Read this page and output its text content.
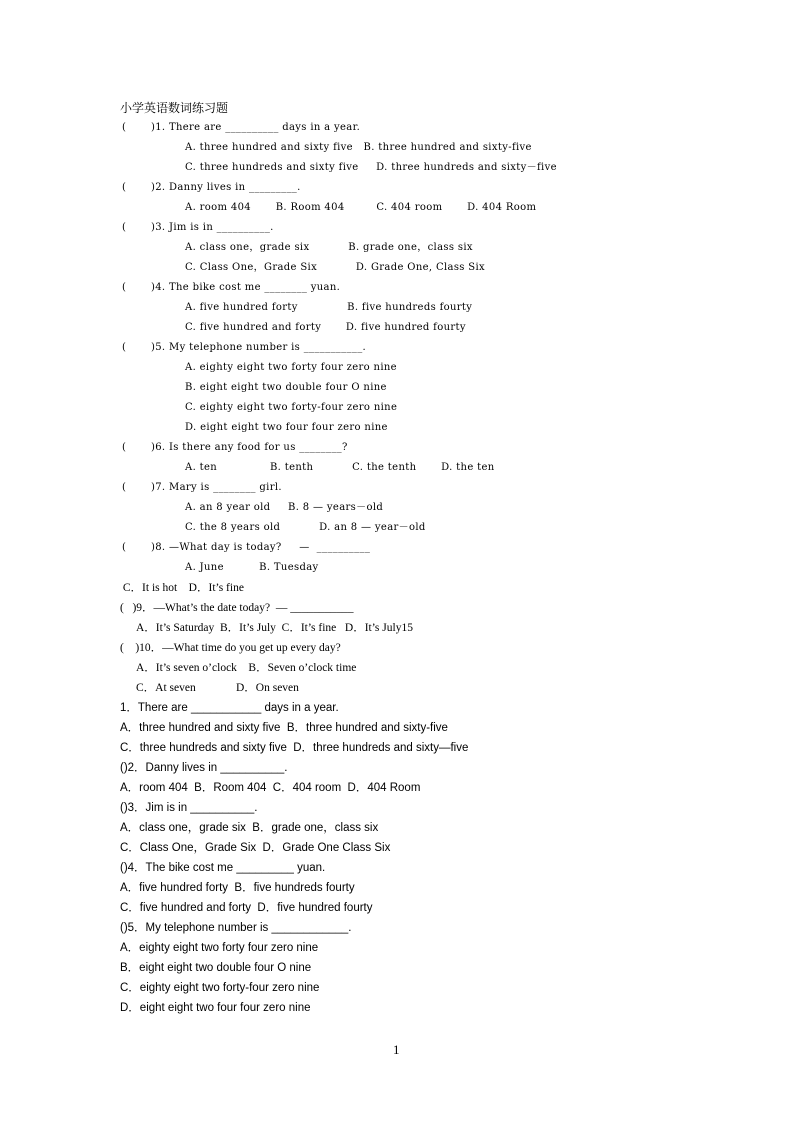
小学英语数词练习题
(       )1. There are __________ days in a year.
A. three hundred and sixty five   B. three hundred and sixty-five
C. three hundreds and sixty five     D. three hundreds and sixty－five
(       )2. Danny lives in _________.
A. room 404       B. Room 404         C. 404 room       D. 404 Room
(       )3. Jim is in __________.
A. class one，grade six           B. grade one，class six
C. Class One，Grade Six           D. Grade One, Class Six
(       )4. The bike cost me ________ yuan.
A. five hundred forty              B. five hundreds fourty
C. five hundred and forty       D. five hundred fourty
(       )5. My telephone number is ___________.
A. eighty eight two forty four zero nine
B. eight eight two double four O nine
C. eighty eight two forty-four zero nine
D. eight eight two four four zero nine
(       )6. Is there any food for us ________?
A. ten               B. tenth           C. the tenth       D. the ten
(       )7. Mary is ________ girl.
A. an 8 year old     B. 8 — years－old
C. the 8 years old           D. an 8 — year－old
(       )8. —What day is today?     —  __________
A. June          B. Tuesday
C．It is hot    D．It’s fine
(   )9．—What’s the date today?  — ___________
A．It’s Saturday  B．It’s July  C．It’s fine   D．It’s July15
(    )10．—What time do you get up every day?
A．It’s seven o’clock    B．Seven o’clock time
C．At seven              D．On seven
1．There are ___________ days in a year.
A．three hundred and sixty five  B．three hundred and sixty-five
C．three hundreds and sixty five  D．three hundreds and sixty—five
()2．Danny lives in __________.
A．room 404  B．Room 404  C．404 room  D．404 Room
()3．Jim is in __________.
A．class one，grade six  B．grade one，class six
C．Class One，Grade Six  D．Grade One Class Six
()4．The bike cost me _________ yuan.
A．five hundred forty  B．five hundreds fourty
C．five hundred and forty  D．five hundred fourty
()5．My telephone number is ____________.
A．eighty eight two forty four zero nine
B．eight eight two double four O nine
C．eighty eight two forty-four zero nine
D．eight eight two four four zero nine
1
